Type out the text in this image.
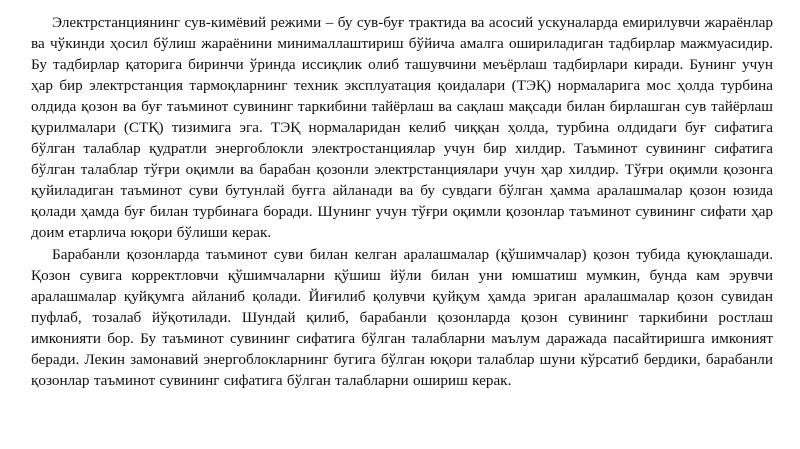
Электрстанциянинг сув-кимёвий режими – бу сув-буғ трактида ва асосий ускуналарда емирилувчи жараёнлар ва чўкинди ҳосил бўлиш жараёнини минималлаштириш бўйича амалга ошириладиган тадбирлар мажмуасидир. Бу тадбирлар қаторига биринчи ўринда иссиқлик олиб ташувчини меъёрлаш тадбирлари киради. Бунинг учун ҳар бир электрстанция тармоқларнинг техник эксплуатация қоидалари (ТЭҚ) нормаларига мос ҳолда турбина олдида қозон ва буғ таъминот сувининг таркибини тайёрлаш ва сақлаш мақсади билан бирлашган сув тайёрлаш қурилмалари (СТҚ) тизимига эга. ТЭҚ нормаларидан келиб чиққан ҳолда, турбина олдидаги буғ сифатига бўлган талаблар қудратли энергоблокли электростанциялар учун бир хилдир. Таъминот сувининг сифатига бўлган талаблар тўғри оқимли ва барабан қозонли электрстанциялари учун ҳар хилдир. Тўғри оқимли қозонга қуйиладиган таъминот суви бутунлай буғга айланади ва бу сувдаги бўлган ҳамма аралашмалар қозон юзида қолади ҳамда буғ билан турбинага боради. Шунинг учун тўғри оқимли қозонлар таъминот сувининг сифати ҳар доим етарлича юқори бўлиши керак.

Барабанли қозонларда таъминот суви билан келган аралашмалар (қўшимчалар) қозон тубида қуюқлашади. Қозон сувига корректловчи қўшимчаларни қўшиш йўли билан уни юмшатиш мумкин, бунда кам эрувчи аралашмалар қуйқумга айланиб қолади. Йиғилиб қолувчи қуйқум ҳамда эриган аралашмалар қозон сувидан пуфлаб, тозалаб йўқотилади. Шундай қилиб, барабанли қозонларда қозон сувининг таркибини ростлаш имконияти бор. Бу таъминот сувининг сифатига бўлган талабларни маълум даражада пасайтиришга имконият беради. Лекин замонавий энергоблокларнинг бугига бўлган юқори талаблар шуни кўрсатиб бердики, барабанли қозонлар таъминот сувининг сифатига бўлган талабларни ошириш керак.
